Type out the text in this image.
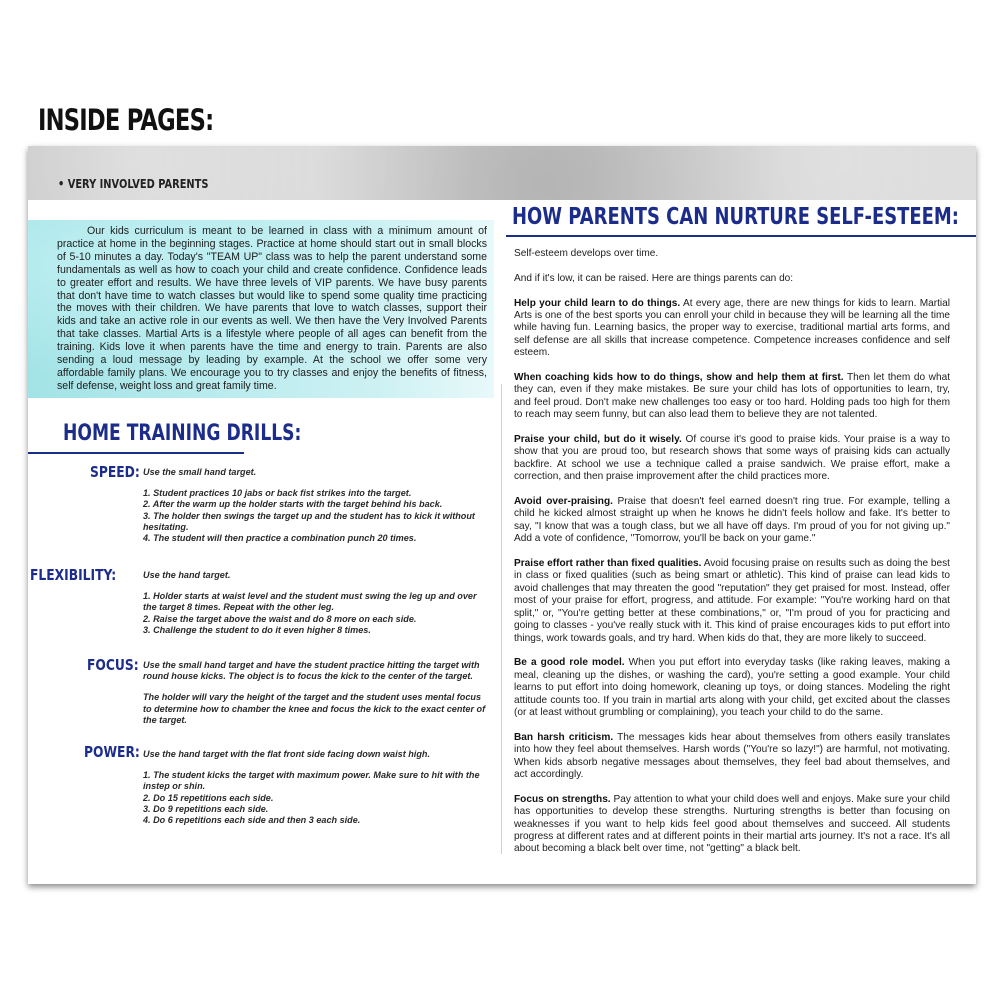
INSIDE PAGES:
• VERY INVOLVED PARENTS

Our kids curriculum is meant to be learned in class with a minimum amount of practice at home in the beginning stages. Practice at home should start out in small blocks of 5-10 minutes a day. Today's "TEAM UP" class was to help the parent understand some fundamentals as well as how to coach your child and create confidence. Confidence leads to greater effort and results. We have three levels of VIP parents. We have busy parents that don't have time to watch classes but would like to spend some quality time practicing the moves with their children. We have parents that love to watch classes, support their kids and take an active role in our events as well. We then have the Very Involved Parents that take classes. Martial Arts is a lifestyle where people of all ages can benefit from the training. Kids love it when parents have the time and energy to train. Parents are also sending a loud message by leading by example. At the school we offer some very affordable family plans. We encourage you to try classes and enjoy the benefits of fitness, self defense, weight loss and great family time.

HOME TRAINING DRILLS:
SPEED: Use the small hand target.
1. Student practices 10 jabs or back fist strikes into the target.
2. After the warm up the holder starts with the target behind his back.
3. The holder then swings the target up and the student has to kick it without hesitating.
4. The student will then practice a combination punch 20 times.
FLEXIBILITY:	Use the hand target.
1. Holder starts at waist level and the student must swing the leg up and over the target 8 times. Repeat with the other leg.
2. Raise the target above the waist and do 8 more on each side.
3. Challenge the student to do it even higher 8 times.
FOCUS: Use the small hand target and have the student practice hitting the target with round house kicks. The object is to focus the kick to the center of the target.
The holder will vary the height of the target and the student uses mental focus to determine how to chamber the knee and focus the kick to the exact center of the target.
POWER: Use the hand target with the flat front side facing down waist high.
1. The student kicks the target with maximum power. Make sure to hit with the instep or shin.
2. Do 15 repetitions each side.
3. Do 9 repetitions each side.
4. Do 6 repetitions each side and then 3 each side.
HOW PARENTS CAN NURTURE SELF-ESTEEM:

Self-esteem develops over time.

And if it's low, it can be raised. Here are things parents can do:

Help your child learn to do things. At every age, there are new things for kids to learn. Martial Arts is one of the best sports you can enroll your child in because they will be learning all the time while having fun. Learning basics, the proper way to exercise, traditional martial arts forms, and self defense are all skills that increase competence. Competence increases confidence and self esteem.

When coaching kids how to do things, show and help them at first. Then let them do what they can, even if they make mistakes. Be sure your child has lots of opportunities to learn, try, and feel proud. Don't make new challenges too easy or too hard. Holding pads too high for them to reach may seem funny, but can also lead them to believe they are not talented.

Praise your child, but do it wisely. Of course it's good to praise kids. Your praise is a way to show that you are proud too, but research shows that some ways of praising kids can actually backfire. At school we use a technique called a praise sandwich. We praise effort, make a correction, and then praise improvement after the child practices more.

Avoid over-praising. Praise that doesn't feel earned doesn't ring true. For example, telling a child he kicked almost straight up when he knows he didn't feels hollow and fake. It's better to say, "I know that was a tough class, but we all have off days. I'm proud of you for not giving up." Add a vote of confidence, "Tomorrow, you'll be back on your game."

Praise effort rather than fixed qualities. Avoid focusing praise on results such as doing the best in class or fixed qualities (such as being smart or athletic). This kind of praise can lead kids to avoid challenges that may threaten the good "reputation" they get praised for most. Instead, offer most of your praise for effort, progress, and attitude. For example: "You're working hard on that split," or, "You're getting better at these combinations," or, "I'm proud of you for practicing and going to classes - you've really stuck with it. This kind of praise encourages kids to put effort into things, work towards goals, and try hard. When kids do that, they are more likely to succeed.

Be a good role model. When you put effort into everyday tasks (like raking leaves, making a meal, cleaning up the dishes, or washing the card), you're setting a good example. Your child learns to put effort into doing homework, cleaning up toys, or doing stances. Modeling the right attitude counts too. If you train in martial arts along with your child, get excited about the classes (or at least without grumbling or complaining), you teach your child to do the same.

Ban harsh criticism. The messages kids hear about themselves from others easily translates into how they feel about themselves. Harsh words ("You're so lazy!") are harmful, not motivating. When kids absorb negative messages about themselves, they feel bad about themselves, and act accordingly.

Focus on strengths. Pay attention to what your child does well and enjoys. Make sure your child has opportunities to develop these strengths. Nurturing strengths is better than focusing on weaknesses if you want to help kids feel good about themselves and succeed. All students progress at different rates and at different points in their martial arts journey. It's not a race. It's all about becoming a black belt over time, not "getting" a black belt.
